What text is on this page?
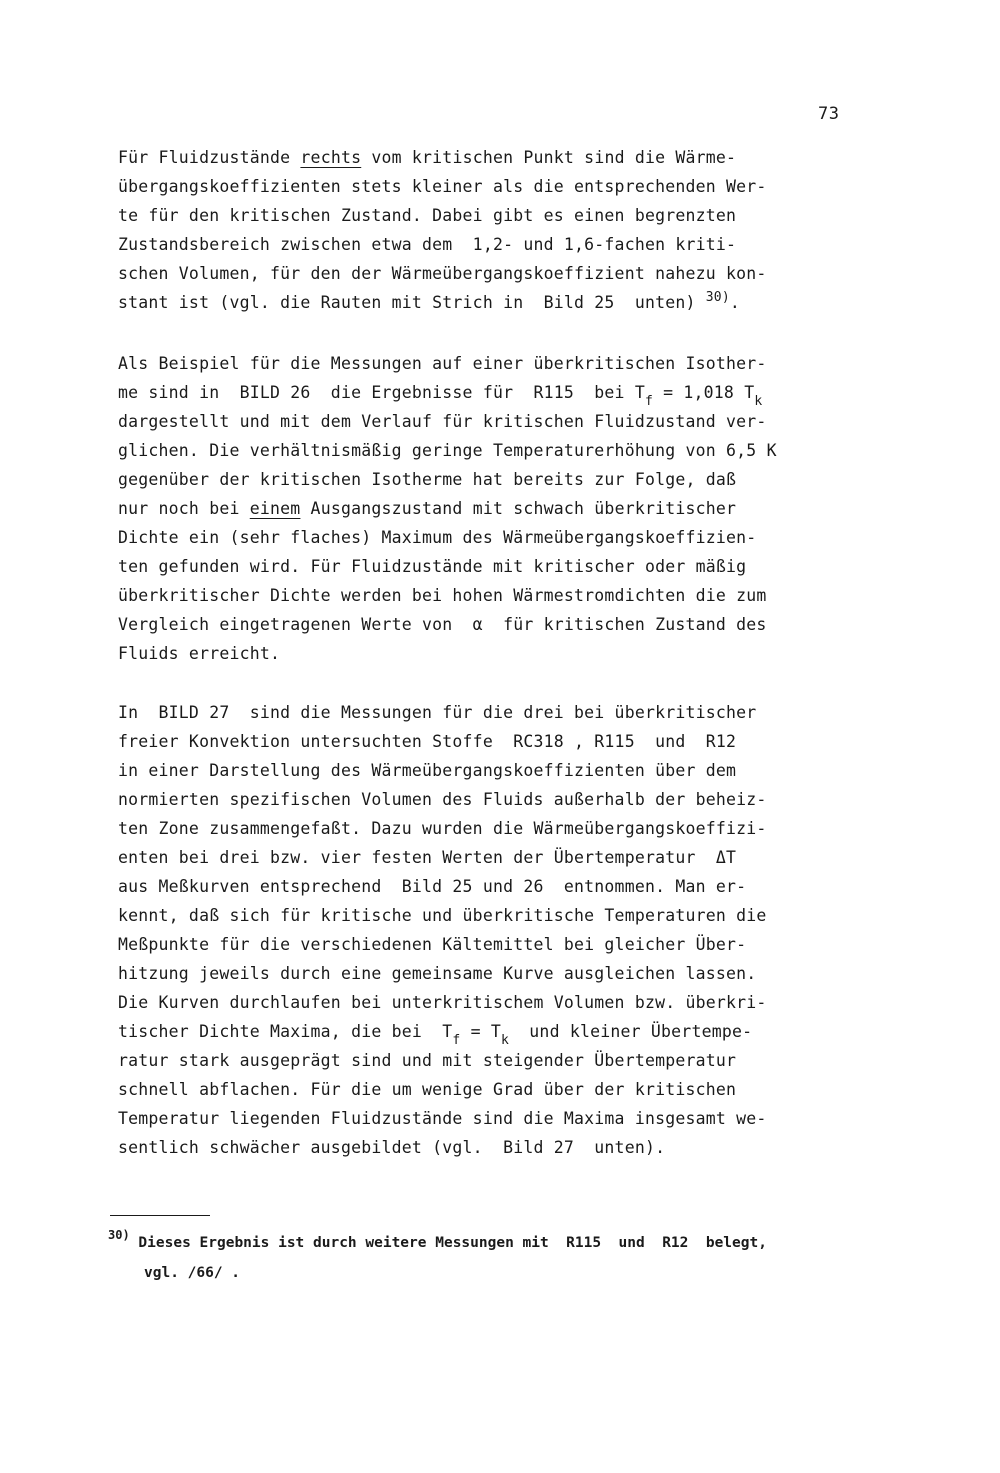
73
Für Fluidzustände rechts vom kritischen Punkt sind die Wärme-
übergangskoeffizienten stets kleiner als die entsprechenden Wer-
te für den kritischen Zustand. Dabei gibt es einen begrenzten
Zustandsbereich zwischen etwa dem  1,2- und 1,6-fachen kriti-
schen Volumen, für den der Wärmeübergangskoeffizient nahezu kon-
stant ist (vgl. die Rauten mit Strich in  Bild 25  unten) $^{30)}$.
Als Beispiel für die Messungen auf einer überkritischen Isother-
me sind in  BILD 26  die Ergebnisse für  R115  bei $T_f = 1,018$ $T_k$
dargestellt und mit dem Verlauf für kritischen Fluidzustand ver-
glichen. Die verhältnismäßig geringe Temperaturerhöhung von 6,5 K
gegenüber der kritischen Isotherme hat bereits zur Folge, daß
nur noch bei einem Ausgangszustand mit schwach überkritischer
Dichte ein (sehr flaches) Maximum des Wärmeübergangskoeffizien-
ten gefunden wird. Für Fluidzustände mit kritischer oder mäßig
überkritischer Dichte werden bei hohen Wärmestromdichten die zum
Vergleich eingetragenen Werte von  α  für kritischen Zustand des
Fluids erreicht.
In  BILD 27  sind die Messungen für die drei bei überkritischer
freier Konvektion untersuchten Stoffe  RC318 , R115  und  R12
in einer Darstellung des Wärmeübergangskoeffizienten über dem
normierten spezifischen Volumen des Fluids außerhalb der beheiz-
ten Zone zusammengefaßt. Dazu wurden die Wärmeübergangskoeffizi-
enten bei drei bzw. vier festen Werten der Übertemperatur  ΔT
aus Meßkurven entsprechend  Bild 25 und 26  entnommen. Man er-
kennt, daß sich für kritische und überkritische Temperaturen die
Meßpunkte für die verschiedenen Kältemittel bei gleicher Über-
hitzung jeweils durch eine gemeinsame Kurve ausgleichen lassen.
Die Kurven durchlaufen bei unterkritischem Volumen bzw. überkri-
tischer Dichte Maxima, die bei  $T_f = T_k$  und kleiner Übertempe-
ratur stark ausgeprägt sind und mit steigender Übertemperatur
schnell abflachen. Für die um wenige Grad über der kritischen
Temperatur liegenden Fluidzustände sind die Maxima insgesamt we-
sentlich schwächer ausgebildet (vgl.  Bild 27  unten).
$^{30)}$ Dieses Ergebnis ist durch weitere Messungen mit  R115  und  R12  belegt,
vgl. /66/ .
